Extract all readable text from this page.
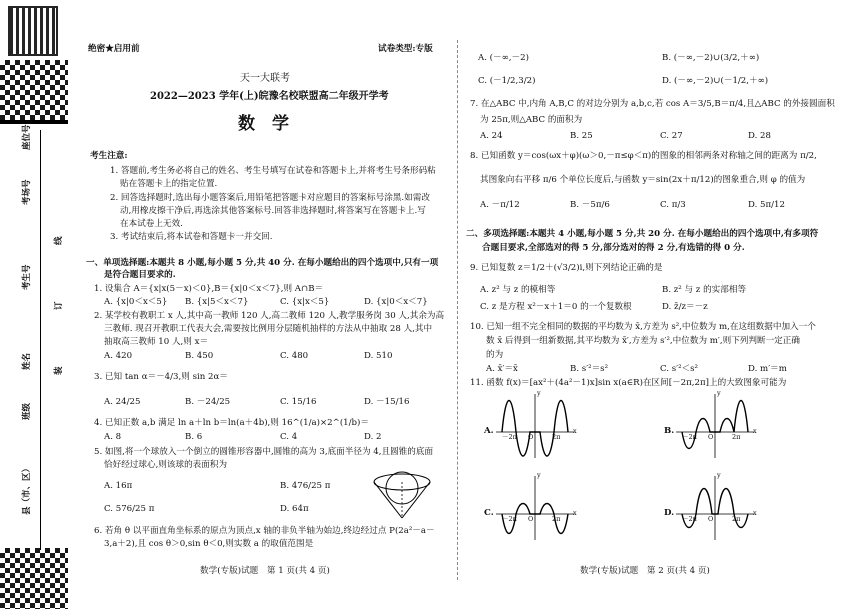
座位号
考场号
考生号
姓名
班级
县（市、区）
线
订
装
绝密★启用前	试卷类型:专版
天一大联考
2022—2023 学年(上)皖豫名校联盟高二年级开学考
数　学
考生注意:
1. 答题前,考生务必将自己的姓名、考生号填写在试卷和答题卡上,并将考生号条形码粘
贴在答题卡上的指定位置.
2. 回答选择题时,选出每小题答案后,用铅笔把答题卡对应题目的答案标号涂黑.如需改
动,用橡皮擦干净后,再选涂其他答案标号.回答非选择题时,将答案写在答题卡上.写
在本试卷上无效.
3. 考试结束后,将本试卷和答题卡一并交回.
一、单项选择题:本题共 8 小题,每小题 5 分,共 40 分. 在每小题给出的四个选项中,只有一项
是符合题目要求的.
1. 设集合 A＝{x|x(5－x)＜0},B＝{x|0＜x＜7},则 A∩B＝
A. {x|0＜x＜5} B. {x|5＜x＜7}	C. {x|x＜5}	D. {x|0＜x＜7}
2. 某学校有教职工 x 人,其中高一教师 120 人,高二教师 120 人,教学服务岗 30 人,其余为高
三教师. 现召开教职工代表大会,需要按比例用分层随机抽样的方法从中抽取 28 人,其中
抽取高三教师 10 人,则 x＝
A. 420	B. 450	C. 480	D. 510
3. 已知 tan α＝－4/3,则 sin 2α＝
A. 24/25	B. －24/25	C. 15/16	D. －15/16
4. 已知正数 a,b 满足 ln a＋ln b＝ln(a＋4b),则 16^(1/a)×2^(1/b)＝
A. 8	B. 6	C. 4	D. 2
5. 如图,将一个球放入一个倒立的圆锥形容器中,圆锥的高为 3,底面半径为 4,且圆锥的底面
恰好经过球心,则该球的表面积为
A. 16π	B. 476/25 π
C. 576/25 π	D. 64π
6. 若角 θ 以平面直角坐标系的原点为顶点,x 轴的非负半轴为始边,终边经过点 P(2a²－a－
3,a＋2),且 cos θ＞0,sin θ＜0,则实数 a 的取值范围是
数学(专版)试题　第 1 页(共 4 页)
A. (－∞,－2)	B. (－∞,－2)∪(3/2,＋∞)
C. (－1/2,3/2)	D. (－∞,－2)∪(－1/2,＋∞)
7. 在△ABC 中,内角 A,B,C 的对边分别为 a,b,c,若 cos A＝3/5,B＝π/4,且△ABC 的外接圆面积
为 25π,则△ABC 的面积为
A. 24	B. 25	C. 27	D. 28
8. 已知函数 y＝cos(ωx＋φ)(ω＞0,－π≤φ＜π)的图象的相邻两条对称轴之间的距离为 π/2,
其图象向右平移 π/6 个单位长度后,与函数 y＝sin(2x＋π/12)的图象重合,则 φ 的值为
A. －π/12	B. －5π/6	C. π/3	D. 5π/12
二、多项选择题:本题共 4 小题,每小题 5 分,共 20 分. 在每小题给出的四个选项中,有多项符
合题目要求,全部选对的得 5 分,部分选对的得 2 分,有选错的得 0 分.
9. 已知复数 z＝1/2＋(√3/2)i,则下列结论正确的是
A. z² 与 z 的模相等	B. z² 与 z 的实部相等
C. z 是方程 x²－x＋1＝0 的一个复数根	D. z̄/z＝－z
10. 已知一组不完全相同的数据的平均数为 x̄,方差为 s²,中位数为 m,在这组数据中加入一个
数 x̄ 后得到一组新数据,其平均数为 x̄′,方差为 s′²,中位数为 m′,则下列判断一定正确
的为
A. x̄′＝x̄	B. s′²＝s²	C. s′²＜s²	D. m′＝m
11. 函数 f(x)＝[ax²＋(4a²－1)x]sin x(a∈R)在区间[－2π,2π]上的大致图象可能为
A.	B.
C.	D.
－2π	2π
O
y
x
－2π	2π
O
y
x
－2π	2π
O
y
x
－2π	2π
O
y
x
数学(专版)试题　第 2 页(共 4 页)
